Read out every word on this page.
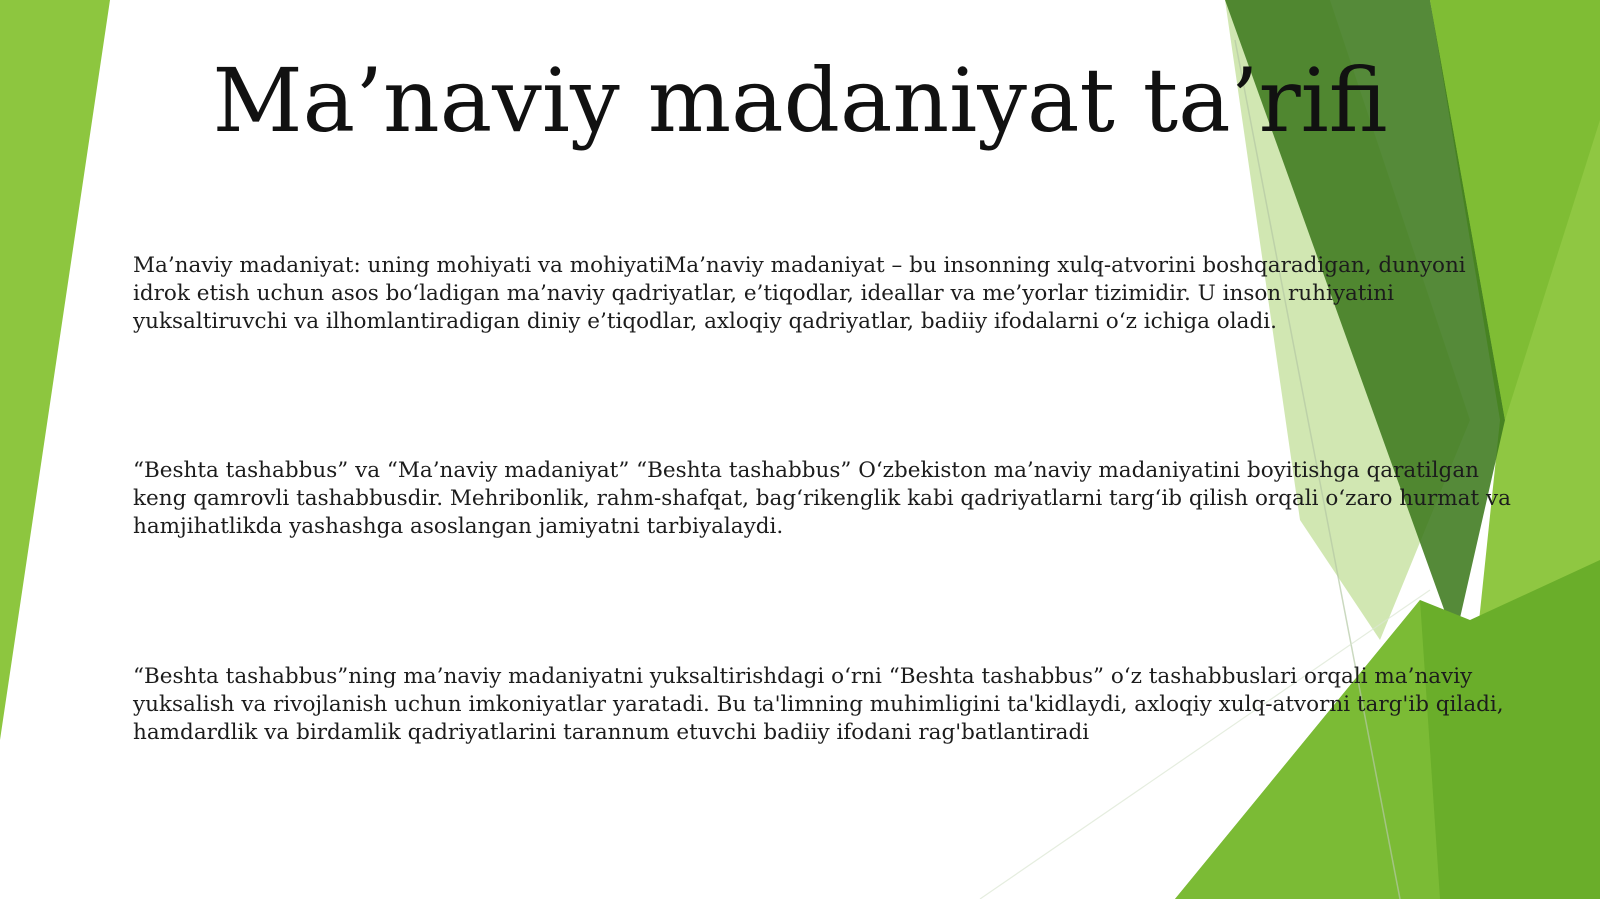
Ma’naviy madaniyat ta’rifi

Ma’naviy madaniyat: uning mohiyati va mohiyatiMa’naviy madaniyat – bu insonning xulq-atvorini boshqaradigan, dunyoni idrok etish uchun asos bo‘ladigan ma’naviy qadriyatlar, e’tiqodlar, ideallar va me’yorlar tizimidir. U inson ruhiyatini yuksaltiruvchi va ilhomlantiradigan diniy e’tiqodlar, axloqiy qadriyatlar, badiiy ifodalarni o‘z ichiga oladi.

“Beshta tashabbus” va “Ma’naviy madaniyat” “Beshta tashabbus” O‘zbekiston ma’naviy madaniyatini boyitishga qaratilgan keng qamrovli tashabbusdir. Mehribonlik, rahm-shafqat, bag‘rikenglik kabi qadriyatlarni targ‘ib qilish orqali o‘zaro hurmat va hamjihatlikda yashashga asoslangan jamiyatni tarbiyalaydi.

“Beshta tashabbus”ning ma’naviy madaniyatni yuksaltirishdagi o‘rni “Beshta tashabbus” o‘z tashabbuslari orqali ma’naviy yuksalish va rivojlanish uchun imkoniyatlar yaratadi. Bu ta'limning muhimligini ta'kidlaydi, axloqiy xulq-atvorni targ'ib qiladi, hamdardlik va birdamlik qadriyatlarini tarannum etuvchi badiiy ifodani rag'batlantiradi
